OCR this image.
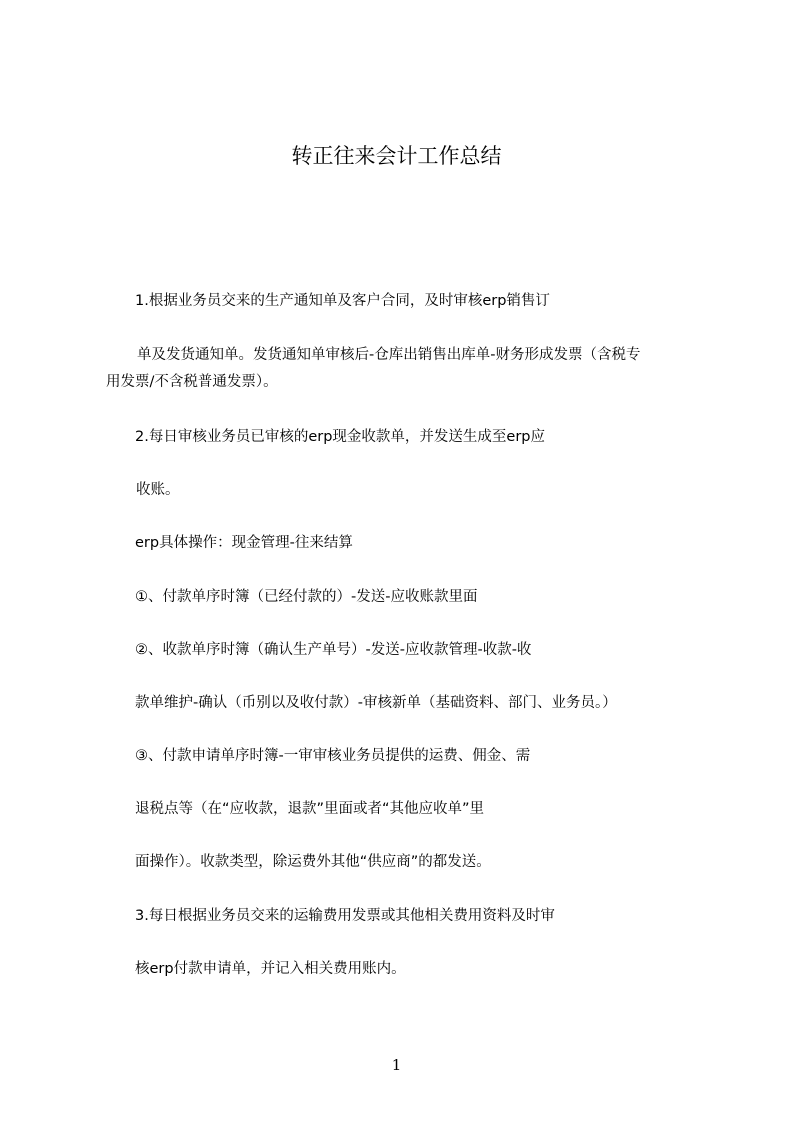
转正往来会计工作总结
1.根据业务员交来的生产通知单及客户合同，及时审核erp销售订
单及发货通知单。发货通知单审核后-仓库出销售出库单-财务形成发票（含税专
用发票/不含税普通发票）。
2.每日审核业务员已审核的erp现金收款单，并发送生成至erp应
收账。
erp具体操作：现金管理-往来结算
①、付款单序时簿（已经付款的）-发送-应收账款里面
②、收款单序时簿（确认生产单号）-发送-应收款管理-收款-收
款单维护-确认（币别以及收付款）-审核新单（基础资料、部门、业务员。）
③、付款申请单序时簿-一审审核业务员提供的运费、佣金、需
退税点等（在“应收款，退款”里面或者“其他应收单”里
面操作）。收款类型，除运费外其他“供应商”的都发送。
3.每日根据业务员交来的运输费用发票或其他相关费用资料及时审
核erp付款申请单，并记入相关费用账内。
1
